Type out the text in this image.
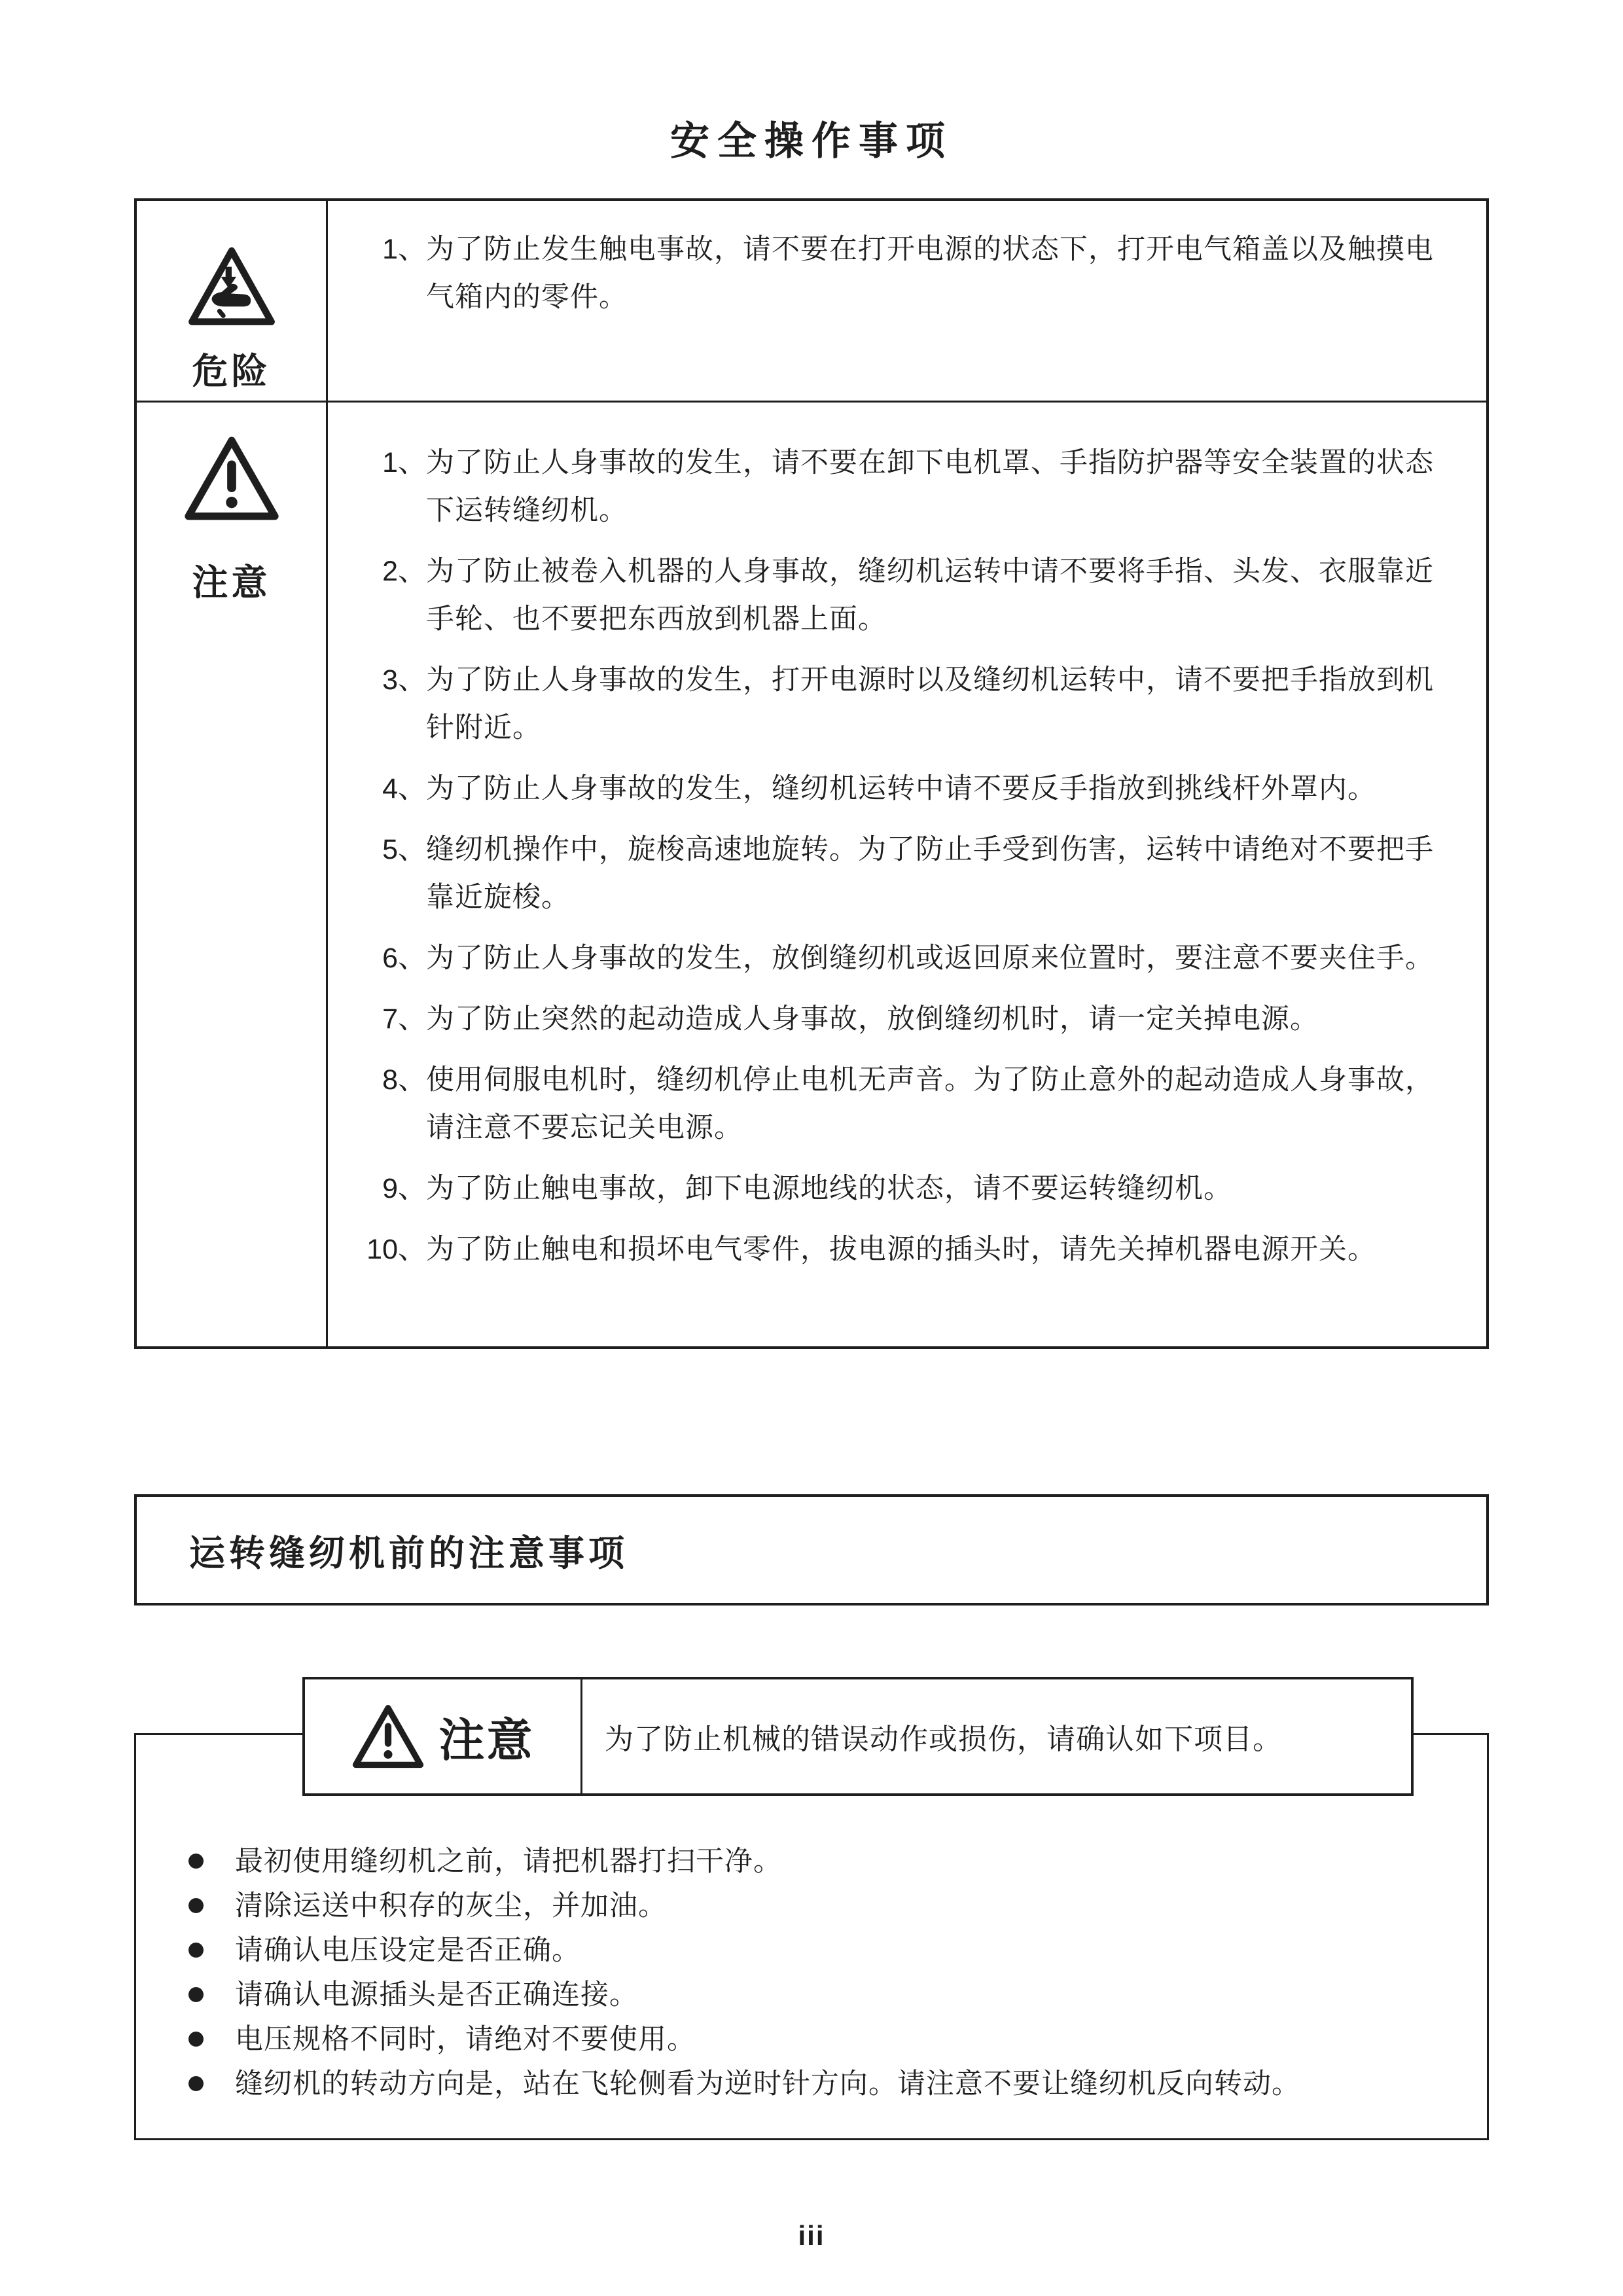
安全操作事项
危险
1、 为了防止发生触电事故，请不要在打开电源的状态下，打开电气箱盖以及触摸电气箱内的零件。
注意
1、 为了防止人身事故的发生，请不要在卸下电机罩、手指防护器等安全装置的状态下运转缝纫机。
2、 为了防止被卷入机器的人身事故，缝纫机运转中请不要将手指、头发、衣服靠近手轮、也不要把东西放到机器上面。
3、 为了防止人身事故的发生，打开电源时以及缝纫机运转中，请不要把手指放到机针附近。
4、 为了防止人身事故的发生，缝纫机运转中请不要反手指放到挑线杆外罩内。
5、 缝纫机操作中，旋梭高速地旋转。为了防止手受到伤害，运转中请绝对不要把手靠近旋梭。
6、 为了防止人身事故的发生，放倒缝纫机或返回原来位置时，要注意不要夹住手。
7、 为了防止突然的起动造成人身事故，放倒缝纫机时，请一定关掉电源。
8、 使用伺服电机时，缝纫机停止电机无声音。为了防止意外的起动造成人身事故，请注意不要忘记关电源。
9、 为了防止触电事故，卸下电源地线的状态，请不要运转缝纫机。
10、 为了防止触电和损坏电气零件，拔电源的插头时，请先关掉机器电源开关。
运转缝纫机前的注意事项
最初使用缝纫机之前，请把机器打扫干净。
清除运送中积存的灰尘，并加油。
请确认电压设定是否正确。
请确认电源插头是否正确连接。
电压规格不同时，请绝对不要使用。
缝纫机的转动方向是，站在飞轮侧看为逆时针方向。请注意不要让缝纫机反向转动。
注意 为了防止机械的错误动作或损伤，请确认如下项目。
iii
